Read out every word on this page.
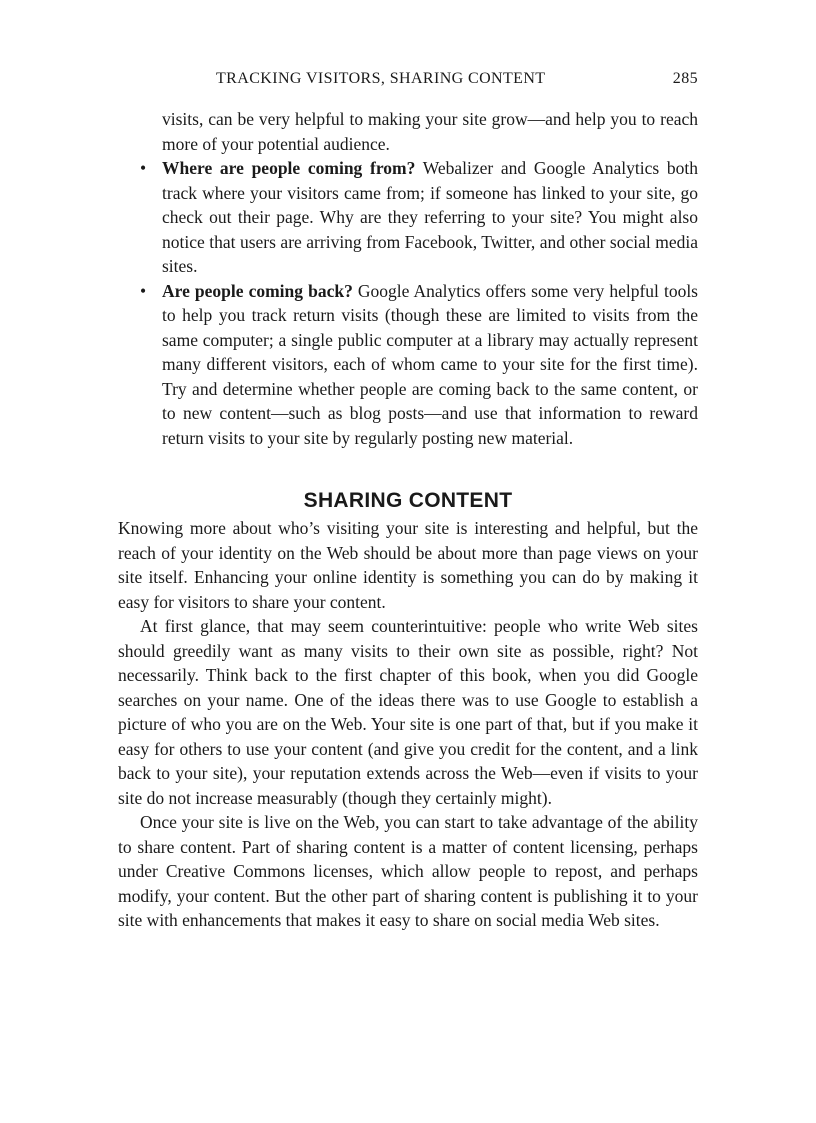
TRACKING VISITORS, SHARING CONTENT	285

visits, can be very helpful to making your site grow—and help you to reach more of your potential audience.

• Where are people coming from? Webalizer and Google Analytics both track where your visitors came from; if someone has linked to your site, go check out their page. Why are they referring to your site? You might also notice that users are arriving from Facebook, Twitter, and other social media sites.
• Are people coming back? Google Analytics offers some very helpful tools to help you track return visits (though these are limited to visits from the same computer; a single public computer at a library may actually represent many different visitors, each of whom came to your site for the first time). Try and determine whether people are coming back to the same content, or to new content—such as blog posts—and use that information to reward return visits to your site by regularly posting new material.
SHARING CONTENT

Knowing more about who’s visiting your site is interesting and helpful, but the reach of your identity on the Web should be about more than page views on your site itself. Enhancing your online identity is something you can do by making it easy for visitors to share your content.

At first glance, that may seem counterintuitive: people who write Web sites should greedily want as many visits to their own site as possible, right? Not necessarily. Think back to the first chapter of this book, when you did Google searches on your name. One of the ideas there was to use Google to establish a picture of who you are on the Web. Your site is one part of that, but if you make it easy for others to use your content (and give you credit for the content, and a link back to your site), your reputation extends across the Web—even if visits to your site do not increase measurably (though they certainly might).

Once your site is live on the Web, you can start to take advantage of the ability to share content. Part of sharing content is a matter of content licensing, perhaps under Creative Commons licenses, which allow people to repost, and perhaps modify, your content. But the other part of sharing content is publishing it to your site with enhancements that makes it easy to share on social media Web sites.
